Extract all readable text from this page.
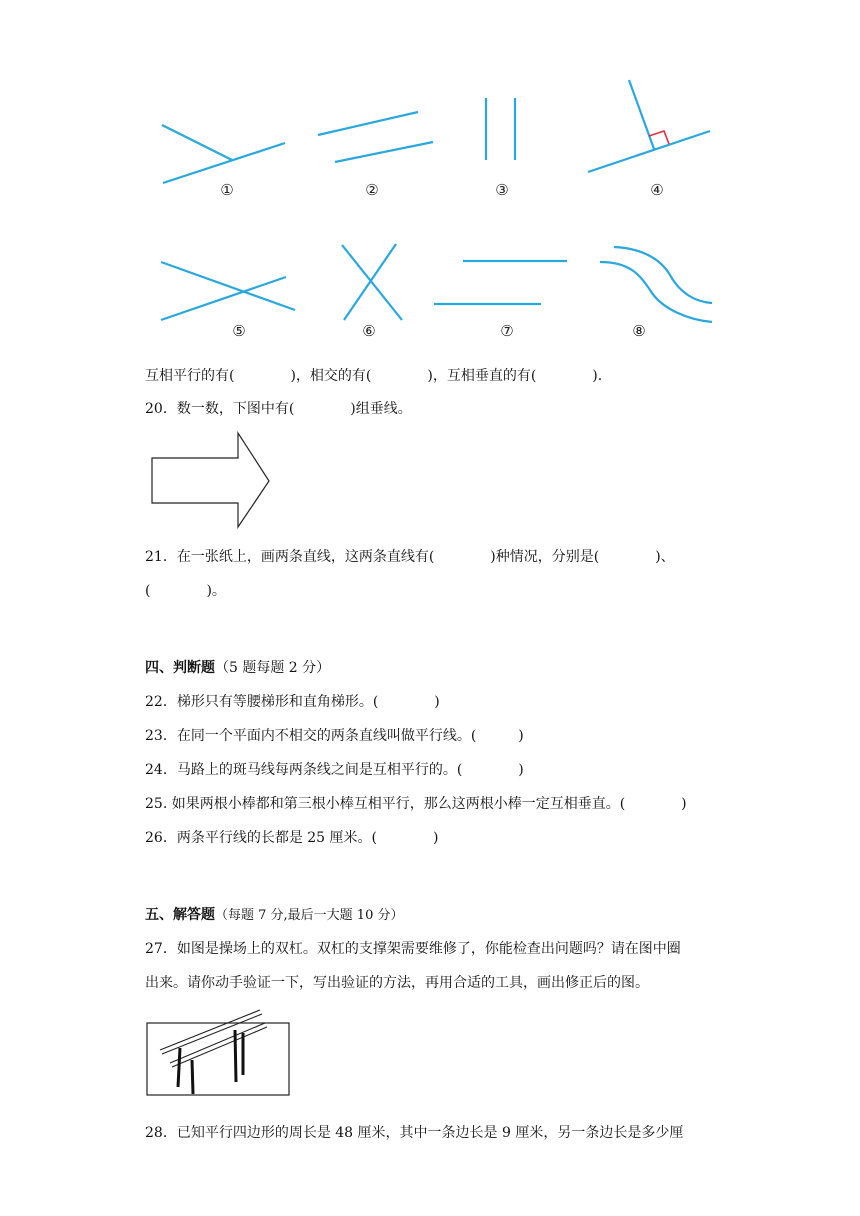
①	②	③	④
⑤	⑥	⑦	⑧
互相平行的有(　　　　)，相交的有(　　　　)，互相垂直的有(　　　　).
20．数一数，下图中有(　　　　)组垂线。
21．在一张纸上，画两条直线，这两条直线有(　　　　)种情况，分别是(　　　　)、
(　　　　)。
四、判断题（5 题每题 2 分）
22．梯形只有等腰梯形和直角梯形。(　　　　)
23．在同一个平面内不相交的两条直线叫做平行线。(　　　)
24．马路上的斑马线每两条线之间是互相平行的。(　　　　)
25. 如果两根小棒都和第三根小棒互相平行，那么这两根小棒一定互相垂直。(　　　　)
26．两条平行线的长都是 25 厘米。(　　　　)
五、解答题（每题 7 分,最后一大题 10 分）
27．如图是操场上的双杠。双杠的支撑架需要维修了，你能检查出问题吗？请在图中圈
出来。请你动手验证一下，写出验证的方法，再用合适的工具，画出修正后的图。
28．已知平行四边形的周长是 48 厘米，其中一条边长是 9 厘米，另一条边长是多少厘
